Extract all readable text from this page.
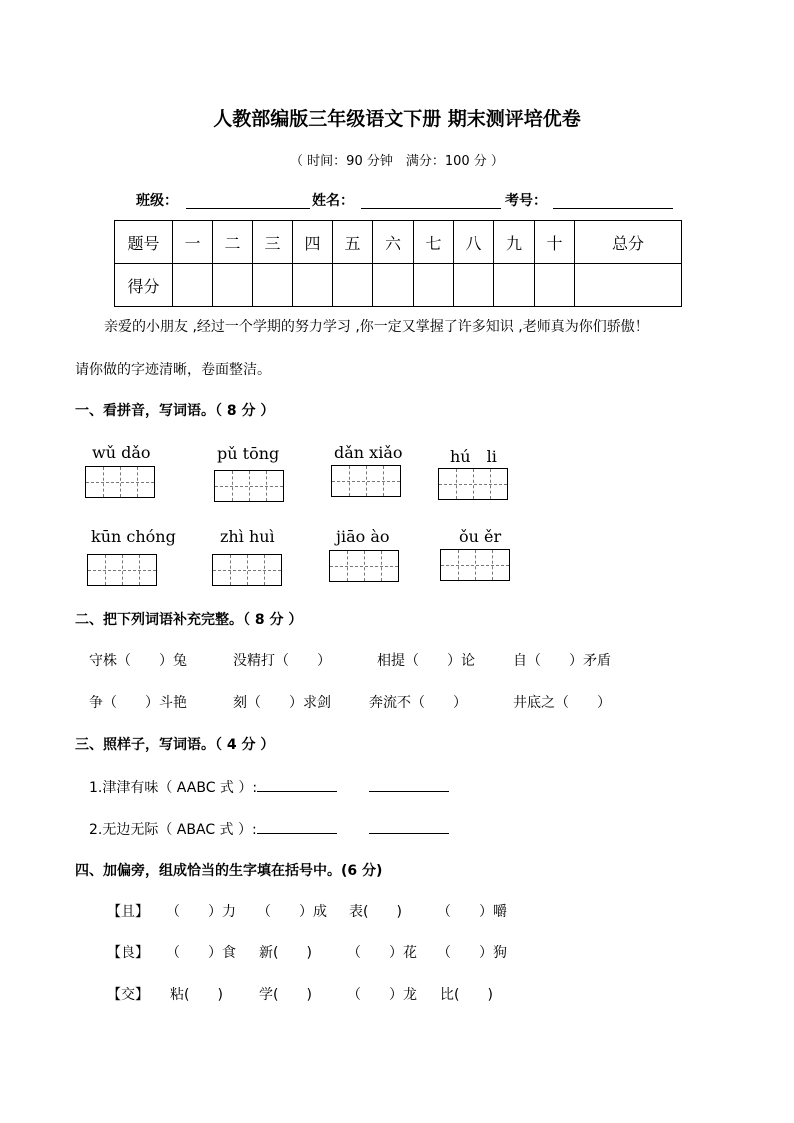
人教部编版三年级语文下册 期末测评培优卷
（ 时间：90 分钟　满分：100 分 ）
班级：	姓名：	考号：
题号	一	二	三	四	五	六	七	八	九	十	总分
得分											
亲爱的小朋友 ,经过一个学期的努力学习 ,你一定又掌握了许多知识 ,老师真为你们骄傲！
请你做的字迹清晰，卷面整洁。
一、看拼音，写词语。（ 8 分 ）
wǔ dǎo	pǔ tōng	dǎn xiǎo	hú　li
kūn chóng	zhì huì	jiāo ào	ǒu ěr
二、把下列词语补充完整。（ 8 分 ）
守株（　　）兔	没精打（　　）	相提（　　）论	自（　　）矛盾
争（　　）斗艳	刻（　　）求剑	奔流不（　　）	井底之（　　）
三、照样子，写词语。（ 4 分 ）
1.津津有味（ AABC 式 ）:
2.无边无际（ ABAC 式 ）:
四、加偏旁，组成恰当的生字填在括号中。(6 分)
【且】 （　　）力 （　　）成 表(　　)	（　　）嚼
【良】 （　　）食 新(　　)	（　　）花 （　　）狗
【交】 粘(　　)	学(　　)	（　　）龙 比(　　)
